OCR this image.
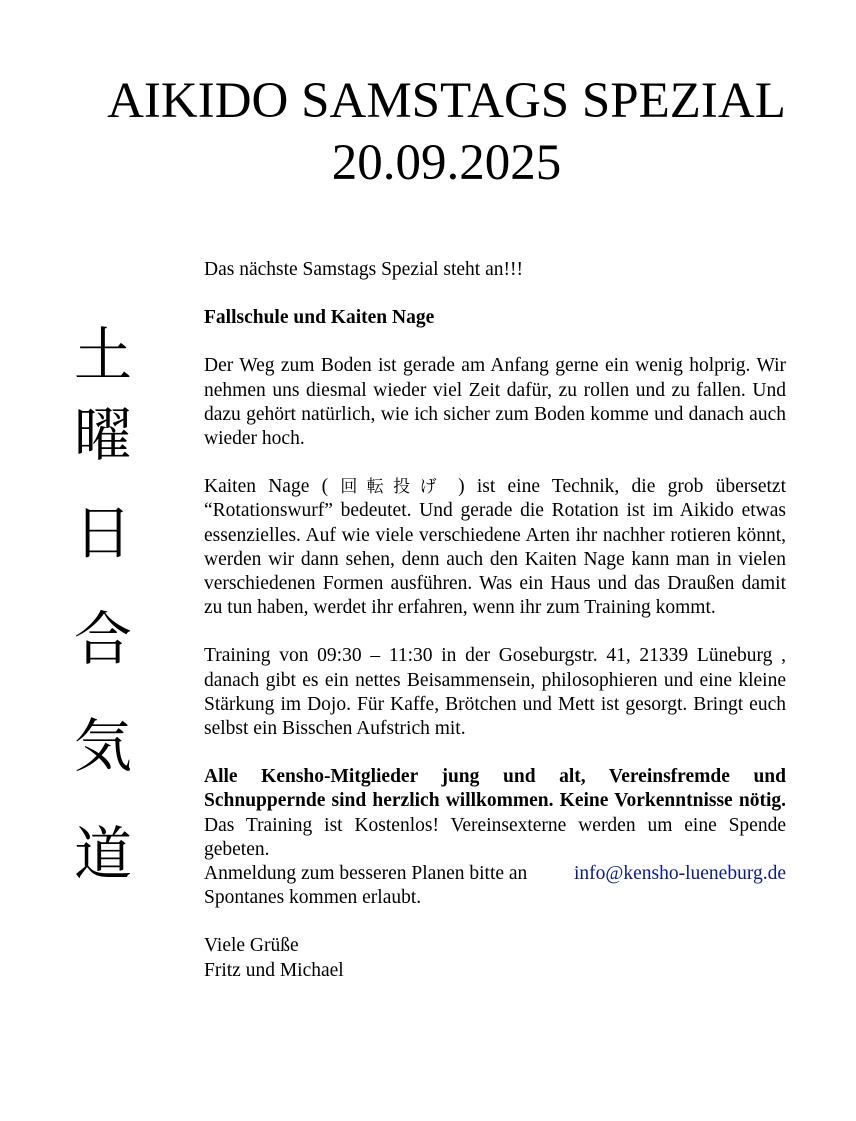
AIKIDO SAMSTAGS SPEZIAL
20.09.2025
土
曜
日
合
気
道

Das nächste Samstags Spezial steht an!!!

Fallschule und Kaiten Nage

Der Weg zum Boden ist gerade am Anfang gerne ein wenig holprig. Wir nehmen uns diesmal wieder viel Zeit dafür, zu rollen und zu fallen. Und dazu gehört natürlich, wie ich sicher zum Boden komme und danach auch wieder hoch.

Kaiten Nage ( 回転投げ ) ist eine Technik, die grob übersetzt “Rotationswurf” bedeutet. Und gerade die Rotation ist im Aikido etwas essenzielles. Auf wie viele verschiedene Arten ihr nachher rotieren könnt, werden wir dann sehen, denn auch den Kaiten Nage kann man in vielen verschiedenen Formen ausführen. Was ein Haus und das Draußen damit zu tun haben, werdet ihr erfahren, wenn ihr zum Training kommt.

Training von 09:30 – 11:30 in der Goseburgstr. 41, 21339 Lüneburg , danach gibt es ein nettes Beisammensein, philosophieren und eine kleine Stärkung im Dojo. Für Kaffe, Brötchen und Mett ist gesorgt. Bringt euch selbst ein Bisschen Aufstrich mit.

Alle Kensho-Mitglieder jung und alt, Vereinsfremde und Schnuppernde sind herzlich willkommen. Keine Vorkenntnisse nötig. Das Training ist Kostenlos! Vereinsexterne werden um eine Spende gebeten.

Anmeldung zum besseren Planen bitte an info@kensho-lueneburg.de

Spontanes kommen erlaubt.

Viele Grüße

Fritz und Michael
